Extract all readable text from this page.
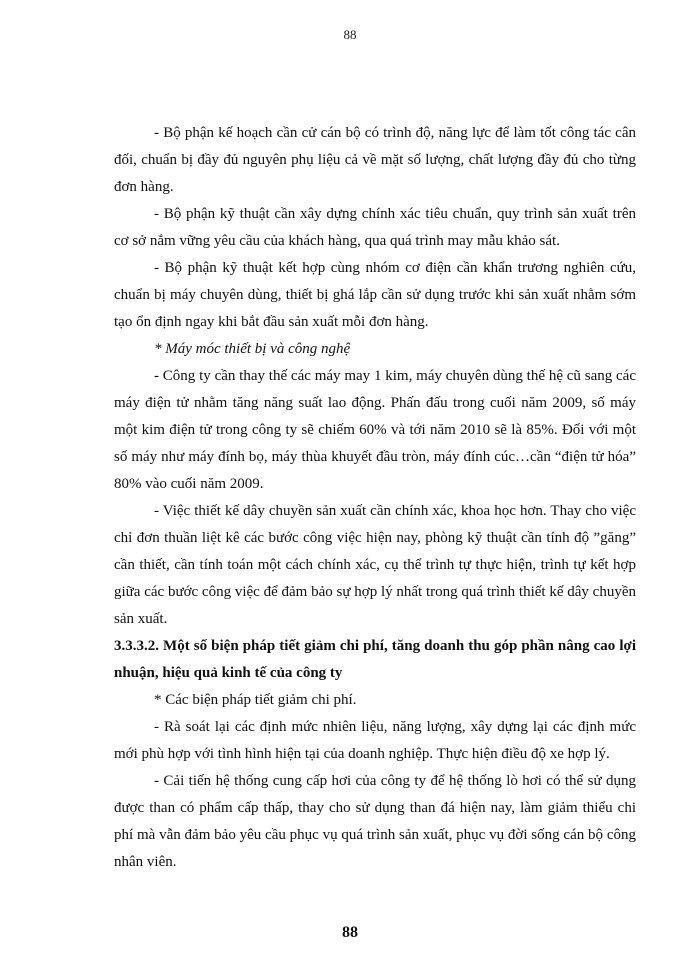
88

- Bộ phận kế hoạch cần cử cán bộ có trình độ, năng lực để làm tốt công tác cân đối, chuẩn bị đầy đủ nguyên phụ liệu cả về mặt số lượng, chất lượng đầy đủ cho từng đơn hàng.

- Bộ phận kỹ thuật cần xây dựng chính xác tiêu chuẩn, quy trình sản xuất trên cơ sở nắm vững yêu cầu của khách hàng, qua quá trình may mẫu khảo sát.

- Bộ phận kỹ thuật kết hợp cùng nhóm cơ điện cần khẩn trương nghiên cứu, chuẩn bị máy chuyên dùng, thiết bị ghá lắp cần sử dụng trước khi sản xuất nhằm sớm tạo ổn định ngay khi bắt đầu sản xuất mỗi đơn hàng.

* Máy móc thiết bị và công nghệ

- Công ty cần thay thế các máy may 1 kim, máy chuyên dùng thế hệ cũ sang các máy điện tử nhằm tăng năng suất lao động. Phấn đấu trong cuối năm 2009, số máy một kim điện tử trong công ty sẽ chiếm 60% và tới năm 2010 sẽ là 85%. Đối với một số máy như máy đính bọ, máy thùa khuyết đầu tròn, máy đính cúc…cần “điện tử hóa” 80% vào cuối năm 2009.

- Việc thiết kế dây chuyền sản xuất cần chính xác, khoa học hơn. Thay cho việc chỉ đơn thuần liệt kê các bước công việc hiện nay, phòng kỹ thuật cần tính độ ”găng” cần thiết, cần tính toán một cách chính xác, cụ thể trình tự thực hiện, trình tự kết hợp giữa các bước công việc để đảm bảo sự hợp lý nhất trong quá trình thiết kế dây chuyền sản xuất.

3.3.3.2. Một số biện pháp tiết giảm chi phí, tăng doanh thu góp phần nâng cao lợi nhuận, hiệu quả kinh tế của công ty

* Các biện pháp tiết giảm chi phí.

- Rà soát lại các định mức nhiên liệu, năng lượng, xây dựng lại các định mức mới phù hợp với tình hình hiện tại của doanh nghiệp. Thực hiện điều độ xe hợp lý.

- Cải tiến hệ thống cung cấp hơi của công ty để hệ thống lò hơi có thể sử dụng được than có phẩm cấp thấp, thay cho sử dụng than đá hiện nay, làm giảm thiểu chi phí mà vẫn đảm bảo yêu cầu phục vụ quá trình sản xuất, phục vụ đời sống cán bộ công nhân viên.

88
